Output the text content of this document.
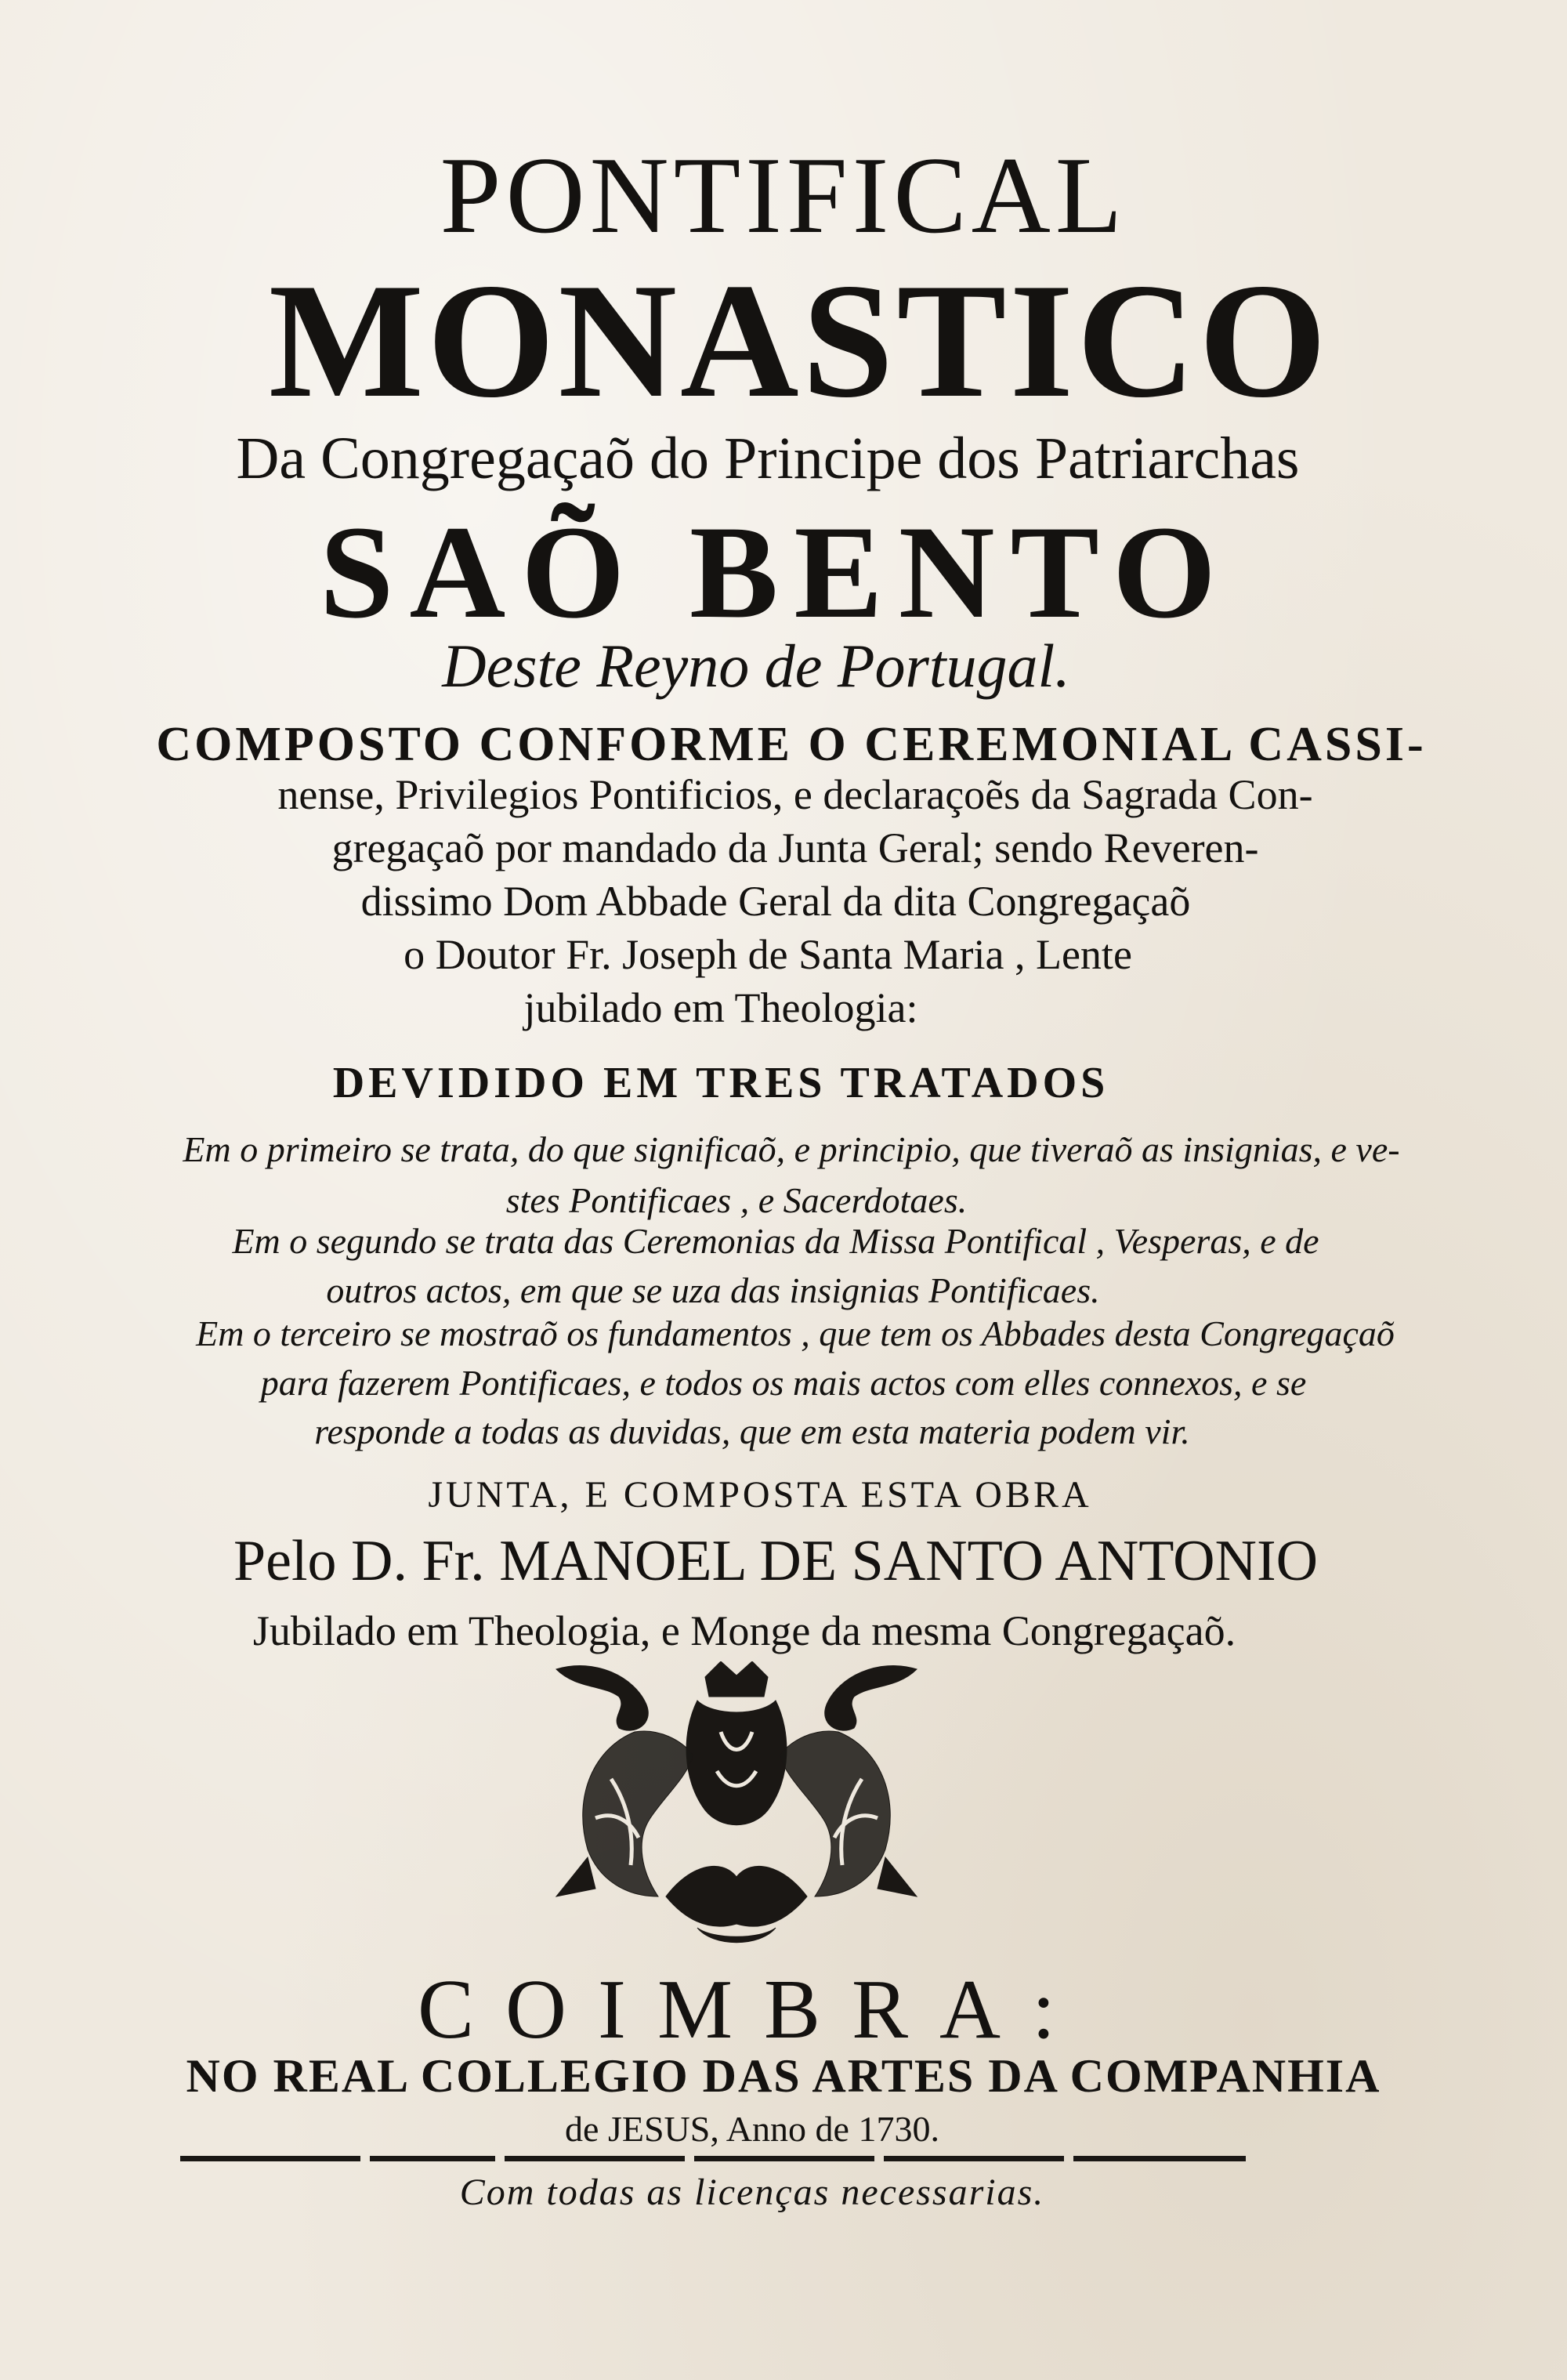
PONTIFICAL
MONASTICO
Da Congregaçaõ do Principe dos Patriarchas
SAÕ BENTO
Deste Reyno de Portugal.
COMPOSTO CONFORME O CEREMONIAL CASSI-
nense, Privilegios Pontificios, e declaraçoẽs da Sagrada Con-
gregaçaõ por mandado da Junta Geral; sendo Reveren-
dissimo Dom Abbade Geral da dita Congregaçaõ
o Doutor Fr. Joseph de Santa Maria , Lente
jubilado em Theologia:
DEVIDIDO EM TRES TRATADOS
Em o primeiro se trata, do que significaõ, e principio, que tiveraõ as insignias, e ve-
stes Pontificaes , e Sacerdotaes.
Em o segundo se trata das Ceremonias da Missa Pontifical , Vesperas, e de
outros actos, em que se uza das insignias Pontificaes.
Em o terceiro se mostraõ os fundamentos , que tem os Abbades desta Congregaçaõ
para fazerem Pontificaes, e todos os mais actos com elles connexos, e se
responde a todas as duvidas, que em esta materia podem vir.
JUNTA, E COMPOSTA ESTA OBRA
Pelo D. Fr. MANOEL DE SANTO ANTONIO
Jubilado em Theologia, e Monge da mesma Congregaçaõ.
COIMBRA:
NO REAL COLLEGIO DAS ARTES DA COMPANHIA
de JESUS, Anno de 1730.
Com todas as licenças necessarias.
